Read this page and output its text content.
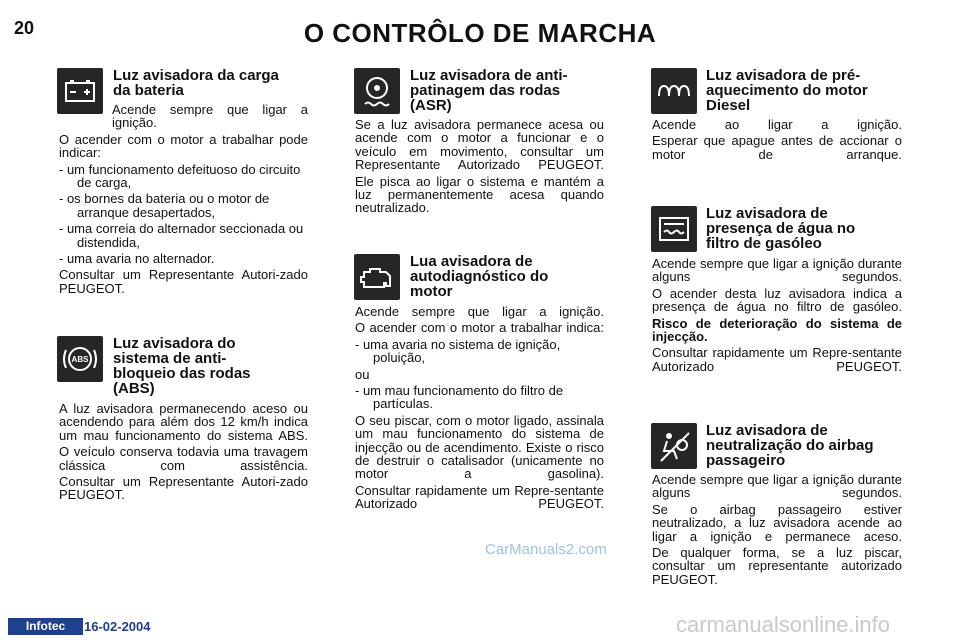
20	O CONTRÔLO DE MARCHA
Luz avisadora da carga
da bateria
Acende sempre que ligar a

ignição.

O acender com o motor a trabalhar pode indicar:

- um funcionamento defeituoso do circuito de carga,

- os bornes da bateria ou o motor de arranque desapertados,

- uma correia do alternador seccionada ou distendida,

- uma avaria no alternador.

Consultar um Representante Autori-zado PEUGEOT.

ABS
Luz avisadora do
sistema de anti-
bloqueio das rodas
(ABS)

A luz avisadora permanecendo aceso ou acendendo para além dos 12 km/h indica um mau funcionamento do sistema ABS.

O veículo conserva todavia uma travagem clássica com assistência.

Consultar um Representante Autori-zado PEUGEOT.

Luz avisadora de anti-
patinagem das rodas
(ASR)

Se a luz avisadora permanece acesa ou acende com o motor a funcionar e o veículo em movimento, consultar um Representante Autorizado PEUGEOT.

Ele pisca ao ligar o sistema e mantém a luz permanentemente acesa quando neutralizado.

Lua avisadora de
autodiagnóstico do
motor

Acende sempre que ligar a ignição.

O acender com o motor a trabalhar indica:

- uma avaria no sistema de ignição, poluição,

ou

- um mau funcionamento do filtro de partículas.

O seu piscar, com o motor ligado, assinala um mau funcionamento do sistema de injecção ou de acendimento. Existe o risco de destruir o catalisador (unicamente no motor a gasolina).

Consultar rapidamente um Repre-sentante Autorizado PEUGEOT.

Luz avisadora de pré-
aquecimento do motor
Diesel

Acende ao ligar a ignição.

Esperar que apague antes de accionar o motor de arranque.

Luz avisadora de
presença de água no
filtro de gasóleo

Acende sempre que ligar a ignição durante alguns segundos.

O acender desta luz avisadora indica a presença de água no filtro de gasóleo.

Risco de deterioração do sistema de injecção.

Consultar rapidamente um Repre-sentante Autorizado PEUGEOT.

Luz avisadora de
neutralização do airbag
passageiro

Acende sempre que ligar a ignição durante alguns segundos.

Se o airbag passageiro estiver neutralizado, a luz avisadora acende ao ligar a ignição e permanece aceso.

De qualquer forma, se a luz piscar, consultar um representante autorizado PEUGEOT.

CarManuals2.com
Infotec	16-02-2004	carmanualsonline.info
